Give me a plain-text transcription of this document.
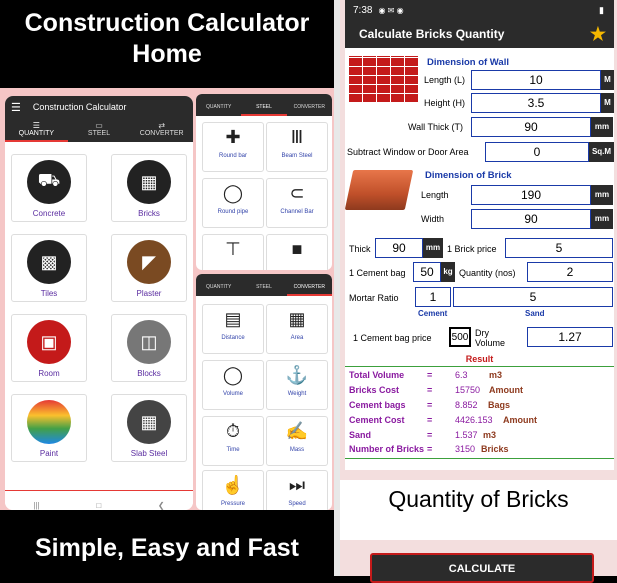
Construction Calculator Home
☰ Construction Calculator
☰
QUANTITY
▭
STEEL
⇄
CONVERTER
⛟
Concrete
▦
Bricks
▩
Tiles
◤
Plaster
▣
Room
◫
Blocks
Paint
▦
Slab Steel
|||	□	❮
QUANTITY	STEEL	CONVERTER
✚
Round bar
Ⅲ
Beam Steel
◯
Round pipe
⊂
Channel Bar
⊤	■
QUANTITY	STEEL	CONVERTER
▤
Distance
▦
Area
◯
Volume
⚓
Weight
⏱
Time
✍
Mass
☝
Pressure
⏭
Speed
Simple, Easy and Fast
7:38 ◉ ✉ ◉	▮
Calculate Bricks Quantity	★
Dimension of Wall
Length (L)	10	M
Height (H)	3.5	M
Wall Thick (T)	90	mm
Subtract Window or Door Area	0	Sq.M
Dimension of Brick
Length	190	mm
Width	90	mm
Thick	90	mm 1 Brick price	5
1 Cement bag	50	kg Quantity (nos)	2
Mortar Ratio	1	5
Cement	Sand
1 Cement bag price	500 Dry Volume	1.27
Result
Total Volume	=	6.3 m3
Bricks Cost	=	15750 Amount
Cement bags =	8.852 Bags
Cement Cost =	4426.153 Amount
Sand	=	1.537 m3
Number of Bricks =	3150 Bricks
Quantity of Bricks
CALCULATE
